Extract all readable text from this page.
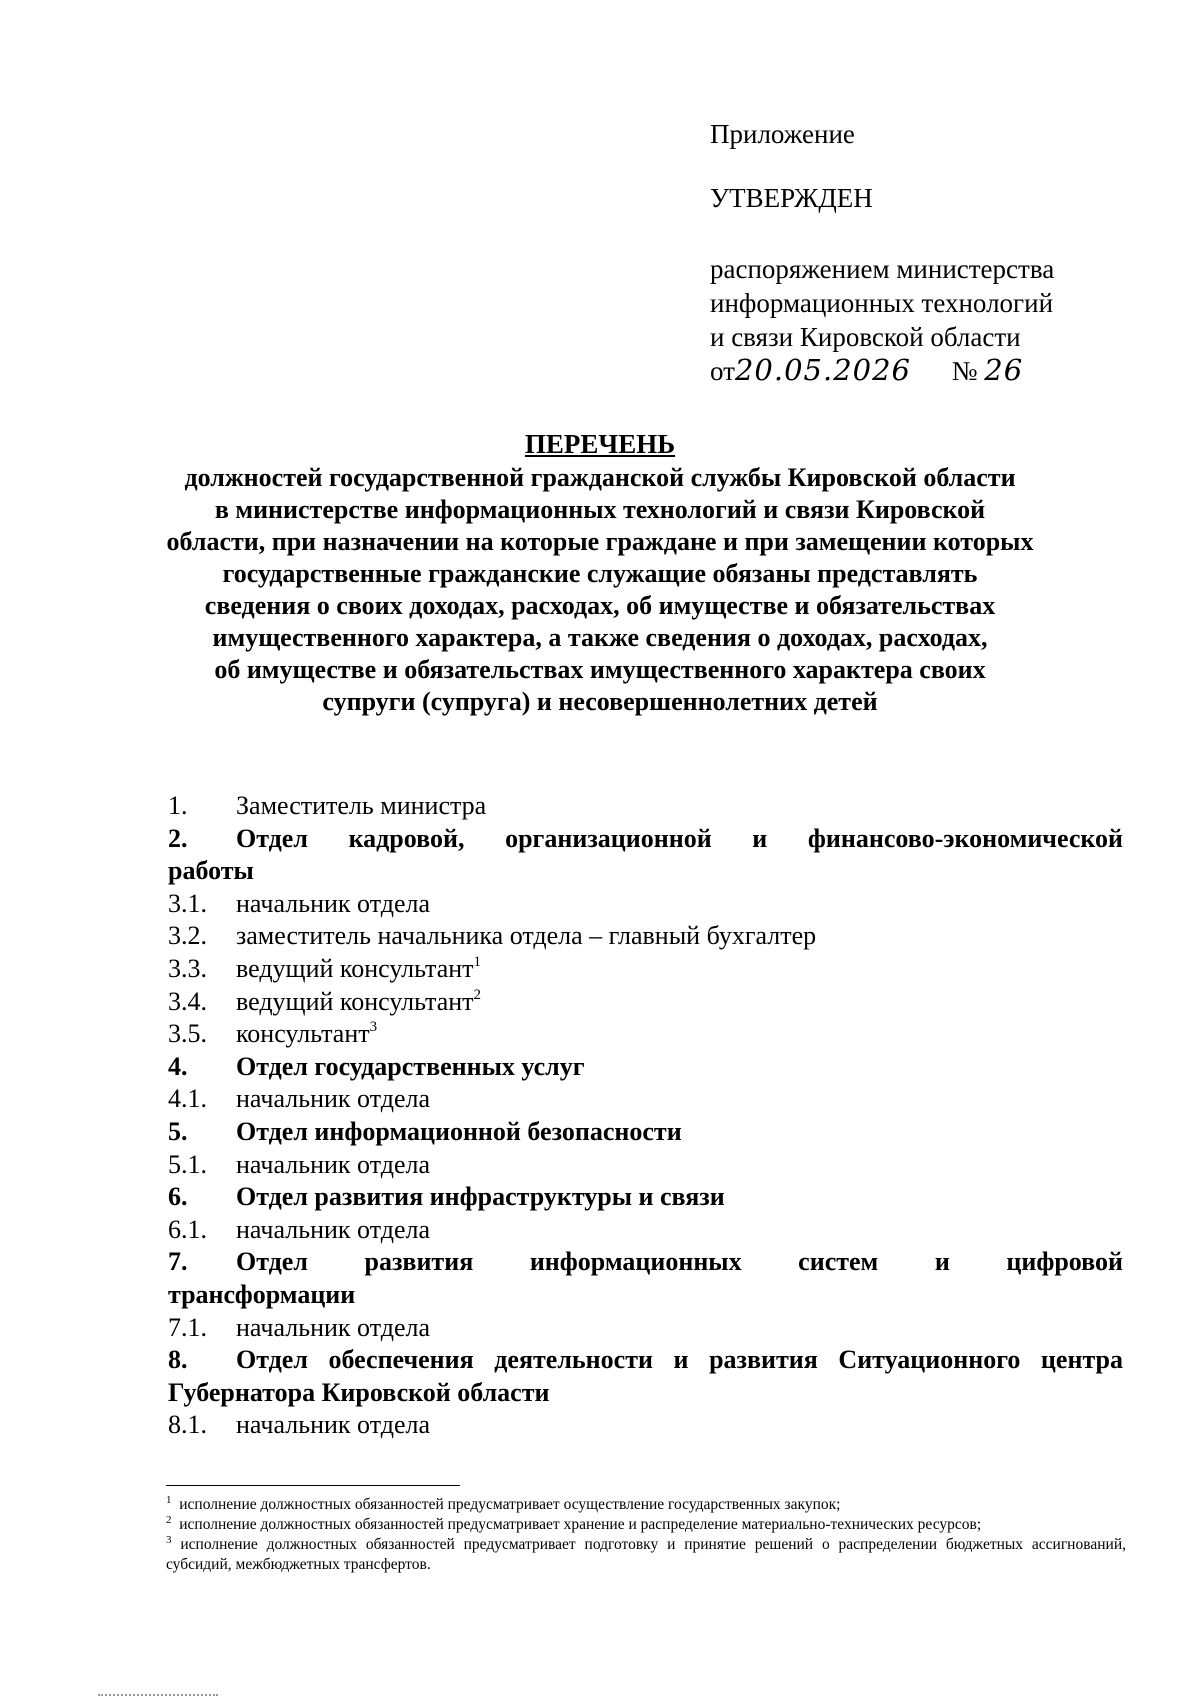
Приложение
УТВЕРЖДЕН
распоряжением министерства
информационных технологий
и связи Кировской области
от20.05.2026 № 26
ПЕРЕЧЕНЬ
должностей государственной гражданской службы Кировской области
в министерстве информационных технологий и связи Кировской
области, при назначении на которые граждане и при замещении которых
государственные гражданские служащие обязаны представлять
сведения о своих доходах, расходах, об имуществе и обязательствах
имущественного характера, а также сведения о доходах, расходах,
об имуществе и обязательствах имущественного характера своих
супруги (супруга) и несовершеннолетних детей
1.	Заместитель министра
2.	Отдел кадровой, организационной и финансово-экономической
работы
3.1.	начальник отдела
3.2.	заместитель начальника отдела – главный бухгалтер
3.3.	ведущий консультант$^1$
3.4.	ведущий консультант$^2$
3.5.	консультант$^3$
4.	Отдел государственных услуг
4.1.	начальник отдела
5.	Отдел информационной безопасности
5.1.	начальник отдела
6.	Отдел развития инфраструктуры и связи
6.1.	начальник отдела
7.	Отдел развития информационных систем и цифровой
трансформации
7.1.	начальник отдела
8.	Отдел обеспечения деятельности и развития Ситуационного центра
Губернатора Кировской области
8.1.	начальник отдела
$^1$ исполнение должностных обязанностей предусматривает осуществление государственных закупок;
$^2$ исполнение должностных обязанностей предусматривает хранение и распределение материально-технических ресурсов;
$^3$ исполнение должностных обязанностей предусматривает подготовку и принятие решений о распределении бюджетных ассигнований, субсидий, межбюджетных трансфертов.
